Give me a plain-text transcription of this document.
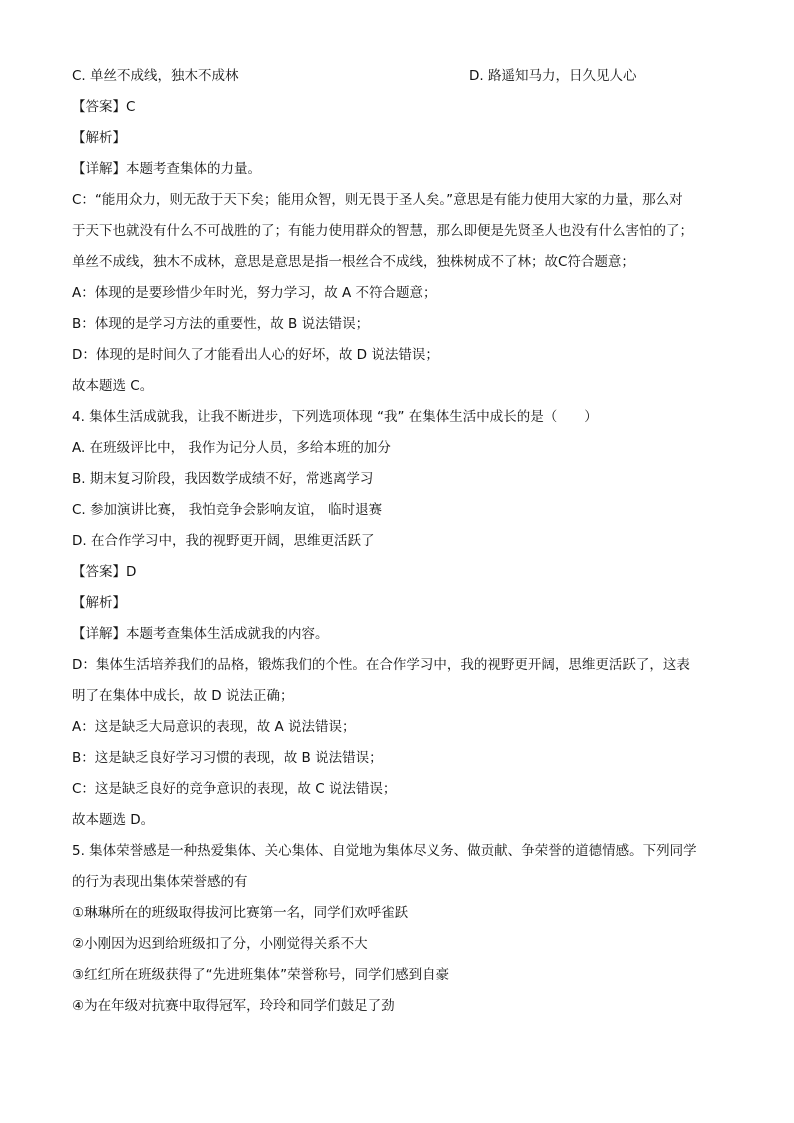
C. 单丝不成线，独木不成林	D. 路遥知马力，日久见人心
【答案】C
【解析】
【详解】本题考查集体的力量。
C：“能用众力，则无敌于天下矣；能用众智，则无畏于圣人矣。”意思是有能力使用大家的力量，那么对
于天下也就没有什么不可战胜的了；有能力使用群众的智慧，那么即便是先贤圣人也没有什么害怕的了；
单丝不成线，独木不成林，意思是意思是指一根丝合不成线，独株树成不了林；故C符合题意；
A：体现的是要珍惜少年时光，努力学习，故 A 不符合题意；
B：体现的是学习方法的重要性，故 B 说法错误；
D：体现的是时间久了才能看出人心的好坏，故 D 说法错误；
故本题选 C。
4. 集体生活成就我，让我不断进步，下列选项体现 “我” 在集体生活中成长的是（　　）
A. 在班级评比中， 我作为记分人员，多给本班的加分
B. 期末复习阶段，我因数学成绩不好，常逃离学习
C. 参加演讲比赛， 我怕竞争会影响友谊， 临时退赛
D. 在合作学习中，我的视野更开阔，思维更活跃了
【答案】D
【解析】
【详解】本题考查集体生活成就我的内容。
D：集体生活培养我们的品格，锻炼我们的个性。在合作学习中，我的视野更开阔，思维更活跃了，这表
明了在集体中成长，故 D 说法正确；
A：这是缺乏大局意识的表现，故 A 说法错误；
B：这是缺乏良好学习习惯的表现，故 B 说法错误；
C：这是缺乏良好的竞争意识的表现，故 C 说法错误；
故本题选 D。
5. 集体荣誉感是一种热爱集体、关心集体、自觉地为集体尽义务、做贡献、争荣誉的道德情感。下列同学
的行为表现出集体荣誉感的有
①琳琳所在的班级取得拔河比赛第一名，同学们欢呼雀跃
②小刚因为迟到给班级扣了分，小刚觉得关系不大
③红红所在班级获得了“先进班集体”荣誉称号，同学们感到自豪
④为在年级对抗赛中取得冠军，玲玲和同学们鼓足了劲
